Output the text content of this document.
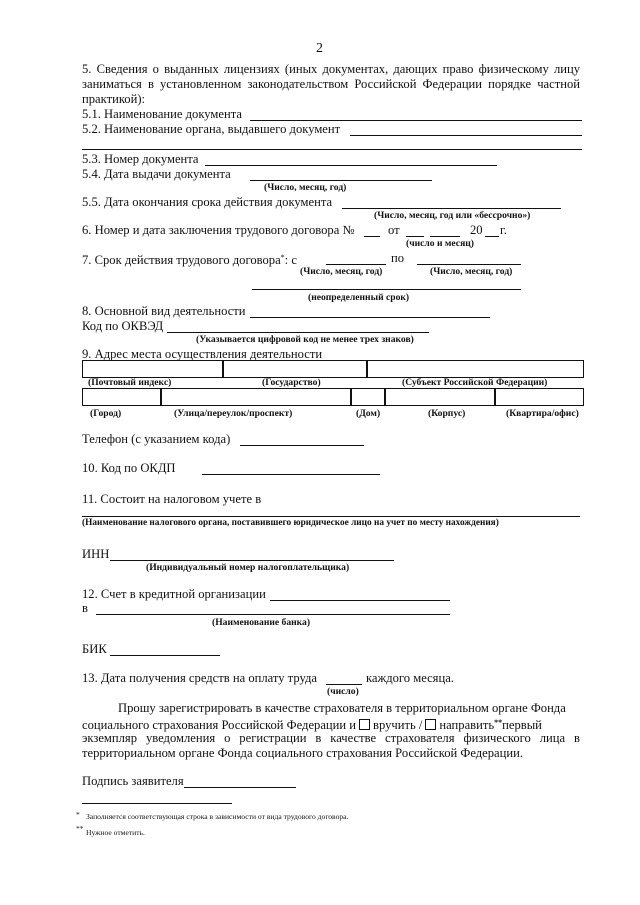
2
5. Сведения о выданных лицензиях (иных документах, дающих право физическому лицу
заниматься в установленном законодательством Российской Федерации порядке частной
практикой):
5.1. Наименование документа
5.2. Наименование органа, выдавшего документ
5.3. Номер документа
5.4. Дата выдачи документа
(Число, месяц, год)
5.5. Дата окончания срока действия документа
(Число, месяц, год или «бессрочно»)
6. Номер и дата заключения трудового договора №	от	20 г.
(число и месяц)
7. Срок действия трудового договора*: с	по
(Число, месяц, год)	(Число, месяц, год)
(неопределенный срок)
8. Основной вид деятельности
Код по ОКВЭД
(Указывается цифровой код не менее трех знаков)
9. Адрес места осуществления деятельности
(Почтовый индекс)	(Государство)	(Субъект Российской Федерации)
(Город)	(Улица/переулок/проспект)	(Дом)	(Корпус)	(Квартира/офис)
Телефон (с указанием кода)
10. Код по ОКДП
11. Состоит на налоговом учете в
(Наименование налогового органа, поставившего юридическое лицо на учет по месту нахождения)
ИНН
(Индивидуальный номер налогоплательщика)
12. Счет в кредитной организации
в
(Наименование банка)
БИК
13. Дата получения средств на оплату труда	каждого месяца.
(число)
Прошу зарегистрировать в качестве страхователя в территориальном органе Фонда
социального страхования Российской Федерации и вручить / направить**первый
экземпляр уведомления о регистрации в качестве страхователя физического лица в
территориальном органе Фонда социального страхования Российской Федерации.
Подпись заявителя
* Заполняется соответствующая строка в зависимости от вида трудового договора.
** Нужное отметить.
